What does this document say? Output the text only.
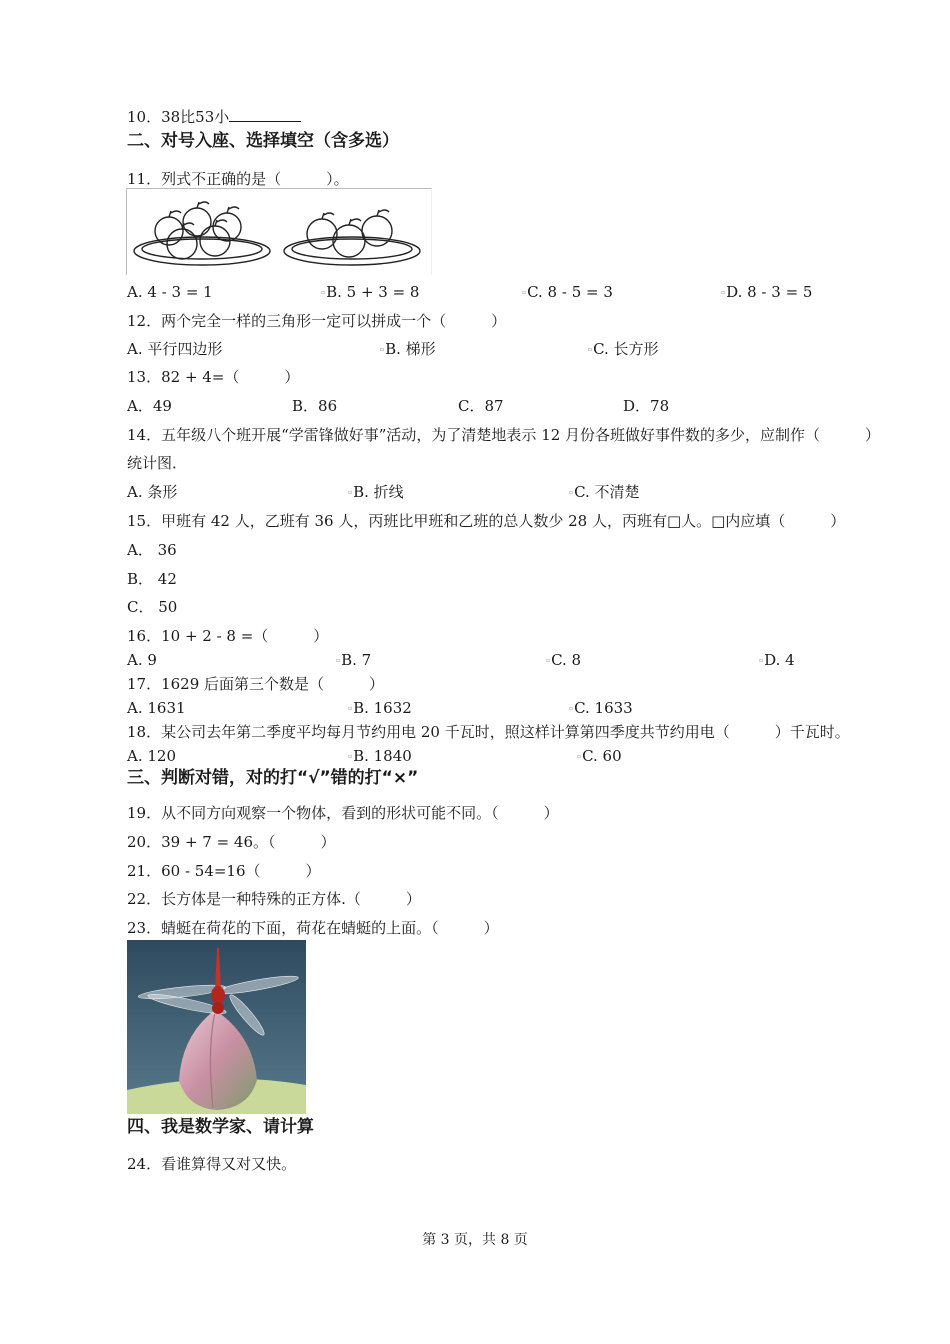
10．38比53小
二、对号入座、选择填空（含多选）
11．列式不正确的是（　　　）。
A. 4 - 3 = 1	▫B. 5 + 3 = 8	▫C. 8 - 5 = 3	▫D. 8 - 3 = 5
12．两个完全一样的三角形一定可以拼成一个（　　　）
A. 平行四边形	▫B. 梯形	▫C. 长方形
13．82 + 4=（　　　）
A．49	B．86	C．87	D．78
14．五年级八个班开展“学雷锋做好事”活动，为了清楚地表示 12 月份各班做好事件数的多少，应制作（　　　）
统计图．
A. 条形	▫B. 折线	▫C. 不清楚
15．甲班有 42 人，乙班有 36 人，丙班比甲班和乙班的总人数少 28 人，丙班有□人。□内应填（　　　）
A． 36
B． 42
C． 50
16．10 + 2 - 8 =（　　　）
A. 9	▫B. 7	▫C. 8	▫D. 4
17．1629 后面第三个数是（　　　）
A. 1631	▫B. 1632	▫C. 1633
18．某公司去年第二季度平均每月节约用电 20 千瓦时，照这样计算第四季度共节约用电（　　　）千瓦时。
A. 120	▫B. 1840	▫C. 60
三、判断对错，对的打“√”错的打“×”
19．从不同方向观察一个物体，看到的形状可能不同。（　　　）
20．39 + 7 = 46。（　　　）
21．60 - 54=16（　　　）
22．长方体是一种特殊的正方体.（　　　）
23．蜻蜓在荷花的下面，荷花在蜻蜓的上面。（　　　）
四、我是数学家、请计算
24．看谁算得又对又快。
第 3 页，共 8 页
